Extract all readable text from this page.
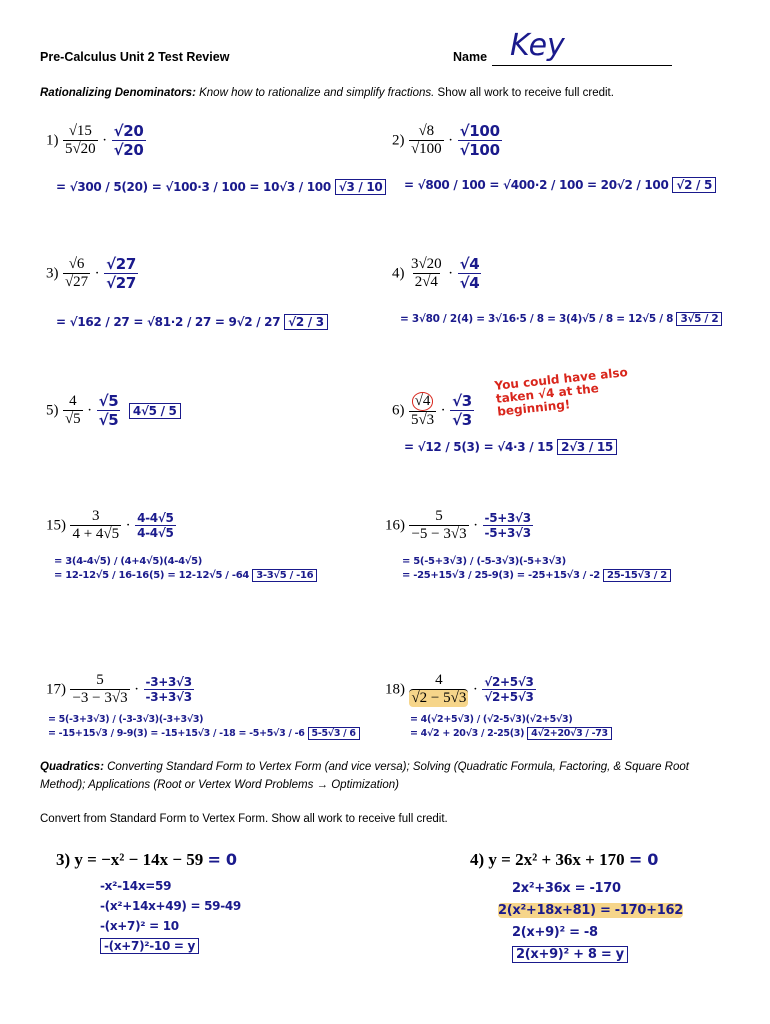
Pre-Calculus Unit 2 Test Review	Name Key
Rationalizing Denominators: Know how to rationalize and simplify fractions. Show all work to receive full credit.
$1) \frac{√15}{5√20} \cdot \frac{√20}{√20}$
= √300 / 5(20) = √100·3 / 100 = 10√3 / 100 √3 / 10
$2) \frac{√8}{√100} \cdot \frac{√100}{√100}$
= √800 / 100 = √400·2 / 100 = 20√2 / 100 √2 / 5
$3) \frac{√6}{√27} \cdot \frac{√27}{√27}$
= √162 / 27 = √81·2 / 27 = 9√2 / 27 √2 / 3
$4) \frac{3√20}{2√4} \cdot \frac{√4}{√4}$
= 3√80 / 2(4) = 3√16·5 / 8 = 3(4)√5 / 8 = 12√5 / 8 3√5 / 2
$5) \frac{4}{√5} \cdot \frac{√5}{√5} 4√5 / 5$	$6) \frac{√4}{5√3} \cdot \frac{√3}{√3}$
You could have also taken √4 at the beginning!
= √12 / 5(3) = √4·3 / 15 2√3 / 15
$15) \frac{3}{4 + 4√5} \cdot \frac{4-4√5}{4-4√5}$
= 3(4-4√5) / (4+4√5)(4-4√5)
= 12-12√5 / 16-16(5) = 12-12√5 / -64 3-3√5 / -16
$16) \frac{5}{-5 - 3√3} \cdot \frac{-5+3√3}{-5+3√3}$
= 5(-5+3√3) / (-5-3√3)(-5+3√3)
= -25+15√3 / 25-9(3) = -25+15√3 / -2 25-15√3 / 2
$17) \frac{5}{-3 - 3√3} \cdot \frac{-3+3√3}{-3+3√3}$
= 5(-3+3√3) / (-3-3√3)(-3+3√3)
= -15+15√3 / 9-9(3) = -15+15√3 / -18 = -5+5√3 / -6 5-5√3 / 6
$18) \frac{4}{√2 - 5√3} \cdot \frac{√2+5√3}{√2+5√3}$
= 4(√2+5√3) / (√2-5√3)(√2+5√3)
= 4√2 + 20√3 / 2-25(3) 4√2+20√3 / -73
Quadratics: Converting Standard Form to Vertex Form (and vice versa); Solving (Quadratic Formula, Factoring, & Square Root Method); Applications (Root or Vertex Word Problems → Optimization)
Convert from Standard Form to Vertex Form. Show all work to receive full credit.
3) y = −x² − 14x − 59 = 0
-x²-14x=59
-(x²+14x+49) = 59-49
-(x+7)² = 10
-(x+7)²-10 = y
4) y = 2x² + 36x + 170 = 0
2x²+36x = -170
2(x²+18x+81) = -170+162
2(x+9)² = -8
2(x+9)² + 8 = y
